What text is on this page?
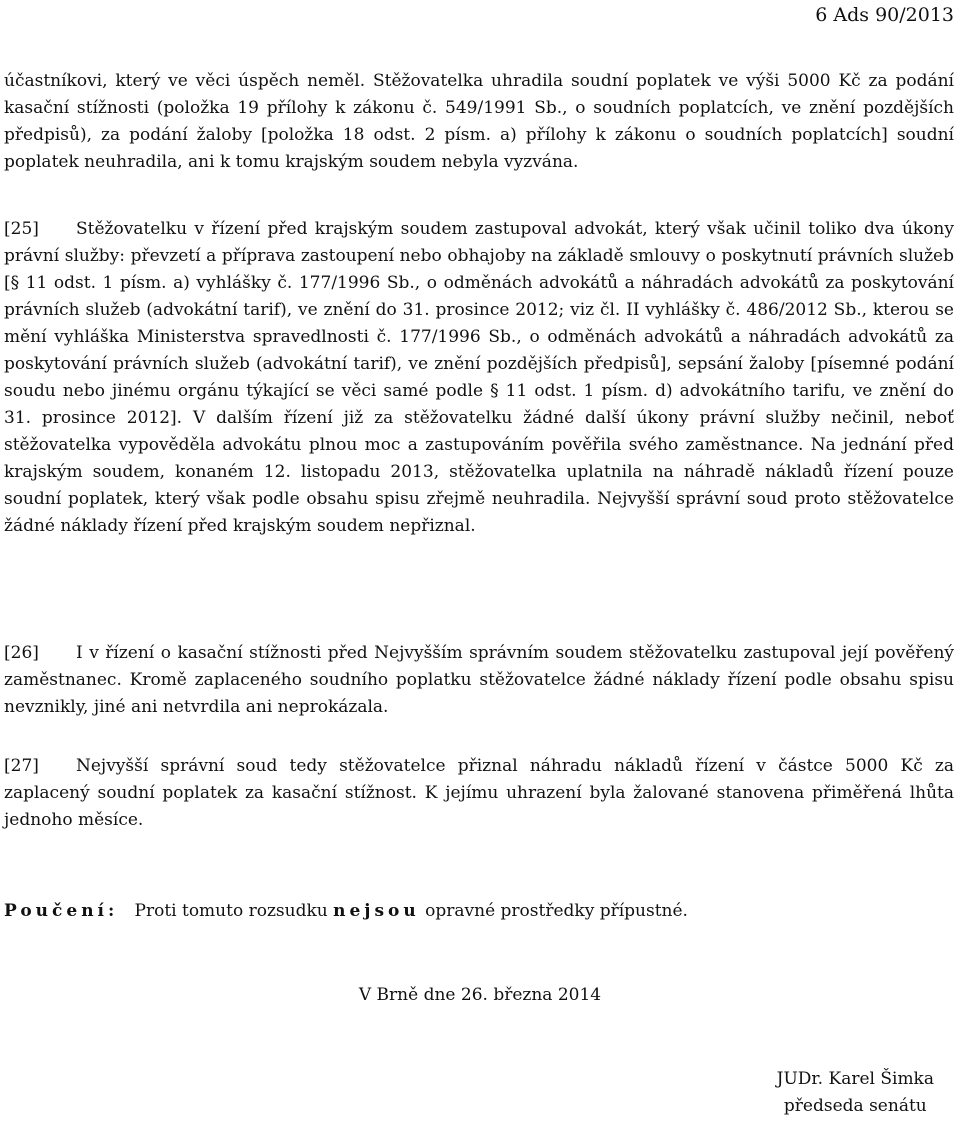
6 Ads 90/2013

účastníkovi, který ve věci úspěch neměl. Stěžovatelka uhradila soudní poplatek ve výši 5000 Kč za podání kasační stížnosti (položka 19 přílohy k zákonu č. 549/1991 Sb., o soudních poplatcích, ve znění pozdějších předpisů), za podání žaloby [položka 18 odst. 2 písm. a) přílohy k zákonu o soudních poplatcích] soudní poplatek neuhradila, ani k tomu krajským soudem nebyla vyzvána.

[25] Stěžovatelku v řízení před krajským soudem zastupoval advokát, který však učinil toliko dva úkony právní služby: převzetí a příprava zastoupení nebo obhajoby na základě smlouvy o poskytnutí právních služeb [§ 11 odst. 1 písm. a) vyhlášky č. 177/1996 Sb., o odměnách advokátů a náhradách advokátů za poskytování právních služeb (advokátní tarif), ve znění do 31. prosince 2012; viz čl. II vyhlášky č. 486/2012 Sb., kterou se mění vyhláška Ministerstva spravedlnosti č. 177/1996 Sb., o odměnách advokátů a náhradách advokátů za poskytování právních služeb (advokátní tarif), ve znění pozdějších předpisů], sepsání žaloby [písemné podání soudu nebo jinému orgánu týkající se věci samé podle § 11 odst. 1 písm. d) advokátního tarifu, ve znění do 31. prosince 2012]. V dalším řízení již za stěžovatelku žádné další úkony právní služby nečinil, neboť stěžovatelka vypověděla advokátu plnou moc a zastupováním pověřila svého zaměstnance. Na jednání před krajským soudem, konaném 12. listopadu 2013, stěžovatelka uplatnila na náhradě nákladů řízení pouze soudní poplatek, který však podle obsahu spisu zřejmě neuhradila. Nejvyšší správní soud proto stěžovatelce žádné náklady řízení před krajským soudem nepřiznal.

[26] I v řízení o kasační stížnosti před Nejvyšším správním soudem stěžovatelku zastupoval její pověřený zaměstnanec. Kromě zaplaceného soudního poplatku stěžovatelce žádné náklady řízení podle obsahu spisu nevznikly, jiné ani netvrdila ani neprokázala.

[27] Nejvyšší správní soud tedy stěžovatelce přiznal náhradu nákladů řízení v částce 5000 Kč za zaplacený soudní poplatek za kasační stížnost. K jejímu uhrazení byla žalované stanovena přiměřená lhůta jednoho měsíce.

Poučení: Proti tomuto rozsudku nejsou opravné prostředky přípustné.
V Brně dne 26. března 2014
JUDr. Karel Šimka
předseda senátu
